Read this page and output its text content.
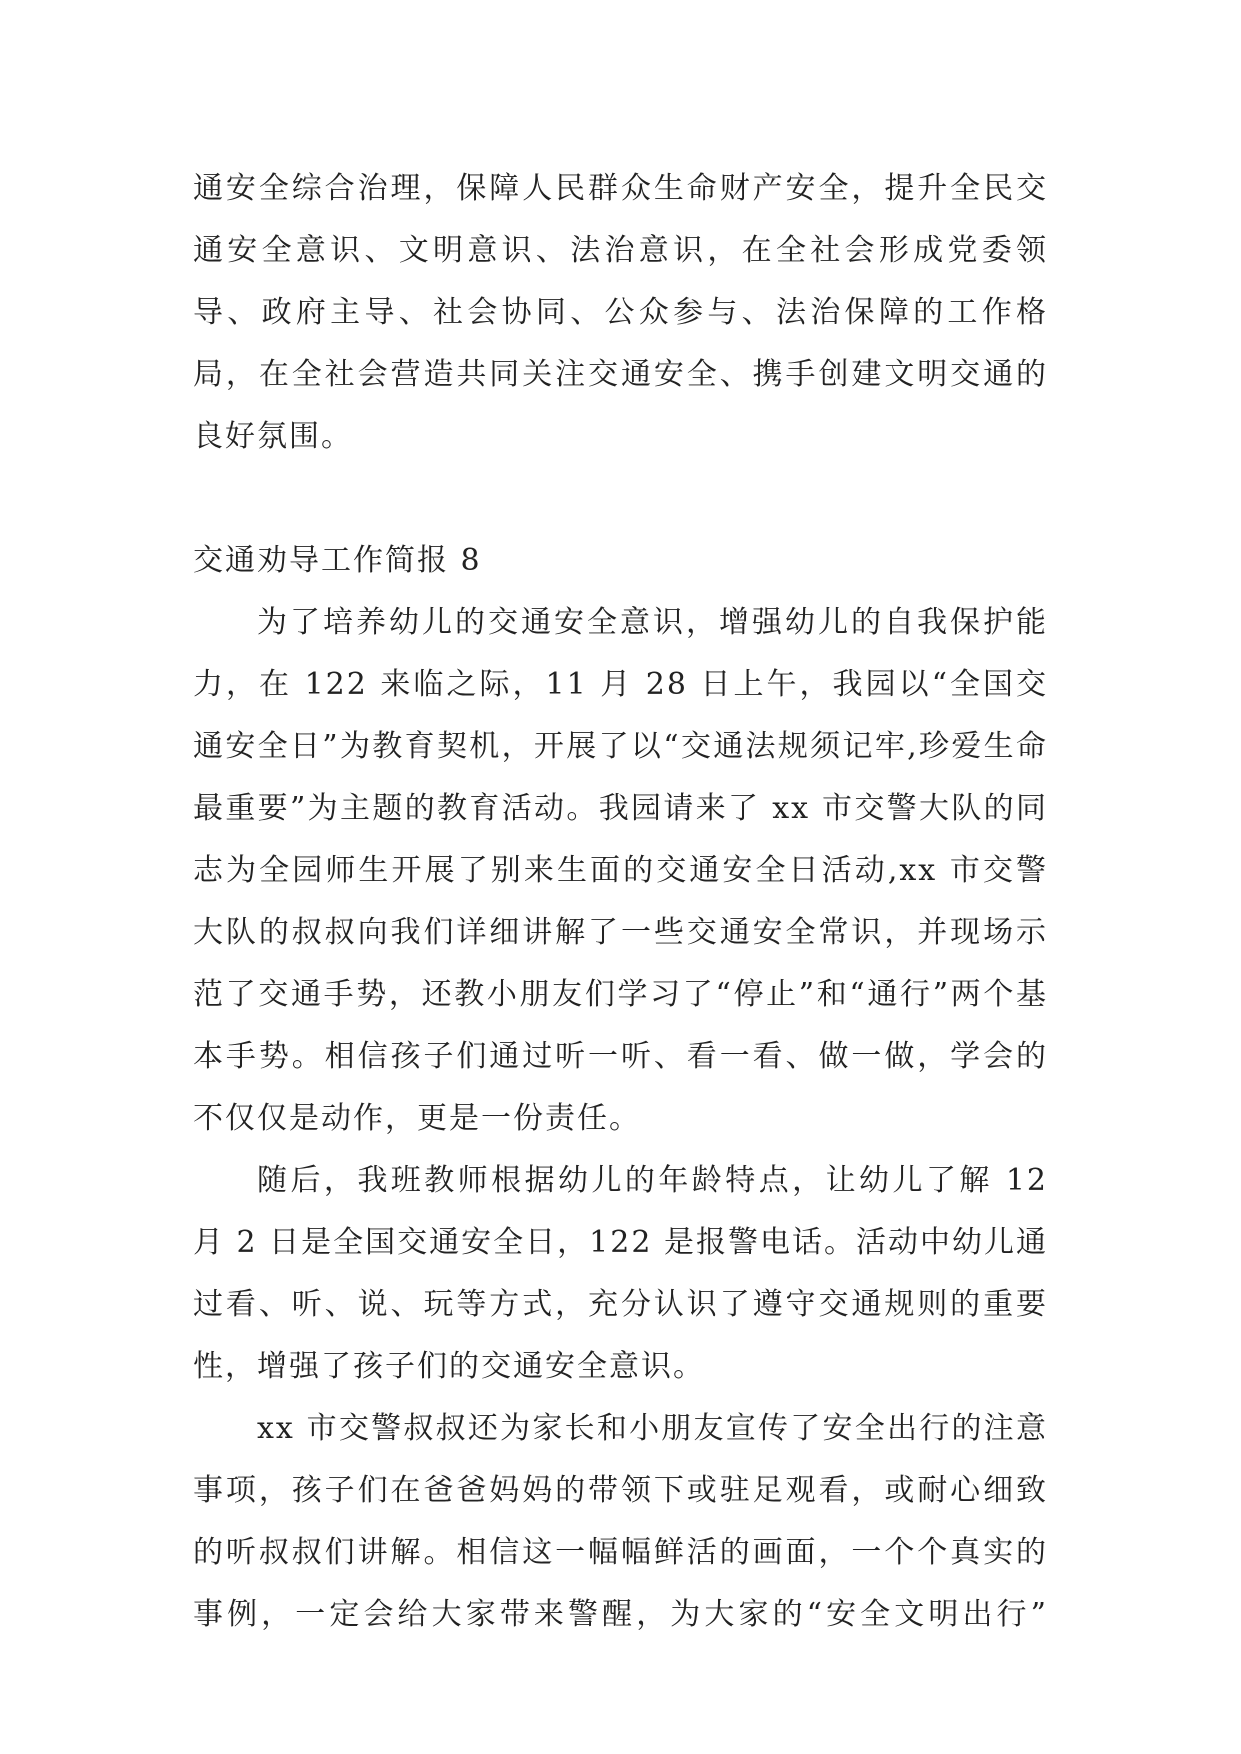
通安全综合治理，保障人民群众生命财产安全，提升全民交通安全意识、文明意识、法治意识，在全社会形成党委领导、政府主导、社会协同、公众参与、法治保障的工作格局，在全社会营造共同关注交通安全、携手创建文明交通的良好氛围。

交通劝导工作简报 8

为了培养幼儿的交通安全意识，增强幼儿的自我保护能力，在 122 来临之际，11 月 28 日上午，我园以“全国交通安全日”为教育契机，开展了以“交通法规须记牢,珍爱生命最重要”为主题的教育活动。我园请来了 xx 市交警大队的同志为全园师生开展了别来生面的交通安全日活动,xx 市交警大队的叔叔向我们详细讲解了一些交通安全常识，并现场示范了交通手势，还教小朋友们学习了“停止”和“通行”两个基本手势。相信孩子们通过听一听、看一看、做一做，学会的不仅仅是动作，更是一份责任。

随后，我班教师根据幼儿的年龄特点，让幼儿了解 12 月 2 日是全国交通安全日，122 是报警电话。活动中幼儿通过看、听、说、玩等方式，充分认识了遵守交通规则的重要性，增强了孩子们的交通安全意识。

xx 市交警叔叔还为家长和小朋友宣传了安全出行的注意事项，孩子们在爸爸妈妈的带领下或驻足观看，或耐心细致的听叔叔们讲解。相信这一幅幅鲜活的画面，一个个真实的事例，一定会给大家带来警醒，为大家的“安全文明出行”
